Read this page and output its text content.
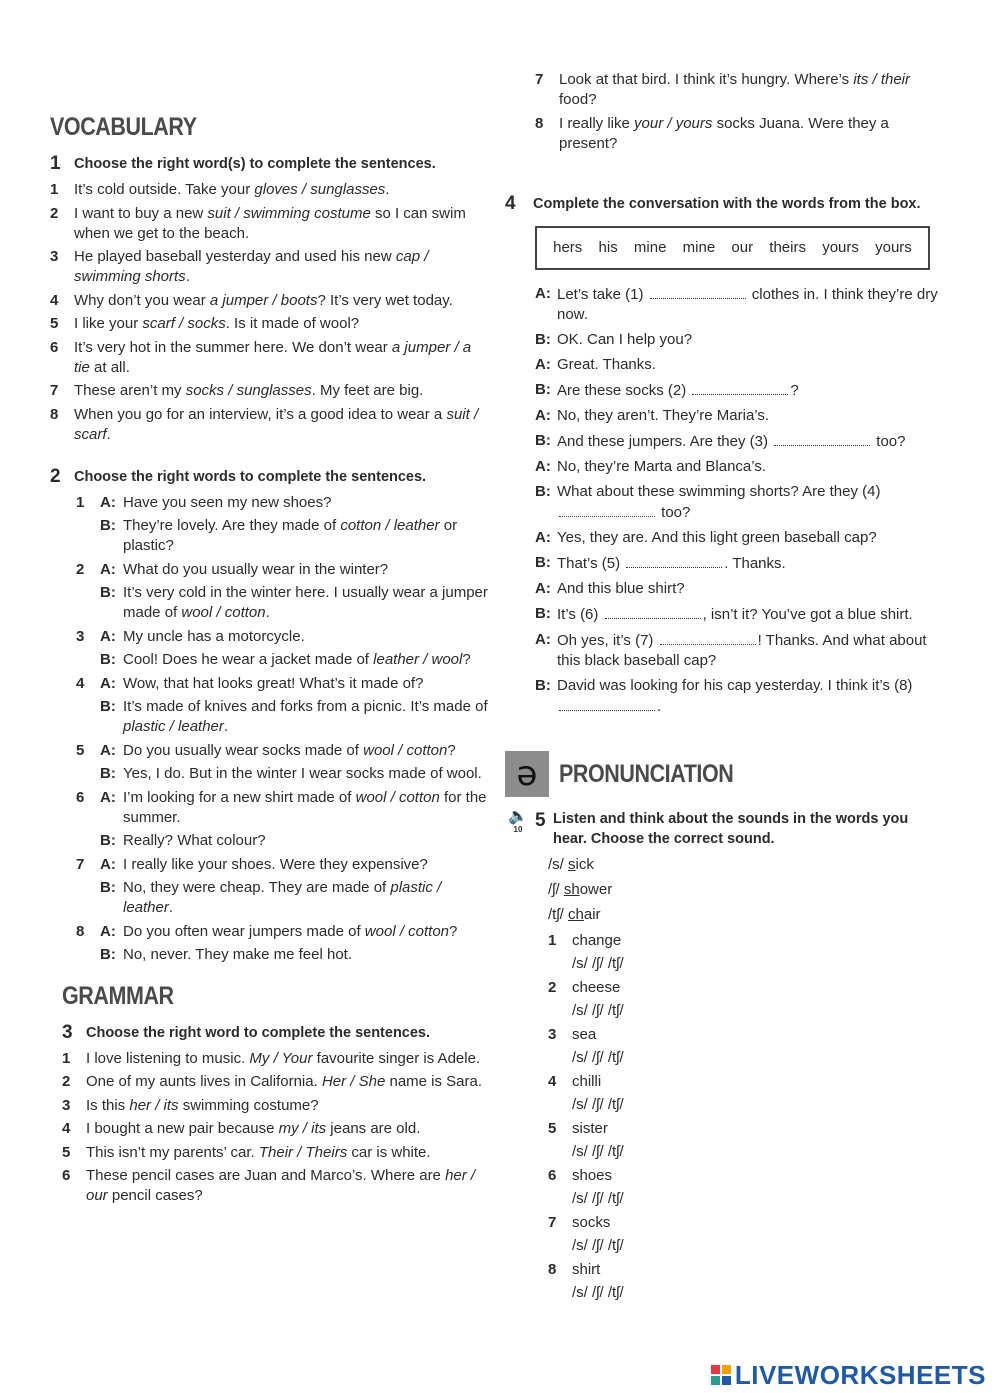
VOCABULARY
1 Choose the right word(s) to complete the sentences.
1	It’s cold outside. Take your gloves / sunglasses.
2	I want to buy a new suit / swimming costume so I can swim when we get to the beach.
3	He played baseball yesterday and used his new cap / swimming shorts.
4	Why don’t you wear a jumper / boots? It’s very wet today.
5	I like your scarf / socks. Is it made of wool?
6	It’s very hot in the summer here. We don’t wear a jumper / a tie at all.
7	These aren’t my socks / sunglasses. My feet are big.
8	When you go for an interview, it’s a good idea to wear a suit / scarf.
2 Choose the right words to complete the sentences.
1	A: Have you seen my new shoes?
B: They’re lovely. Are they made of cotton / leather or plastic?
2	A: What do you usually wear in the winter?
B: It’s very cold in the winter here. I usually wear a jumper made of wool / cotton.
3	A: My uncle has a motorcycle.
B: Cool! Does he wear a jacket made of leather / wool?
4	A: Wow, that hat looks great! What’s it made of?
B: It’s made of knives and forks from a picnic. It’s made of plastic / leather.
5	A: Do you usually wear socks made of wool / cotton?
B: Yes, I do. But in the winter I wear socks made of wool.
6	A: I’m looking for a new shirt made of wool / cotton for the summer.
B: Really? What colour?
7	A: I really like your shoes. Were they expensive?
B: No, they were cheap. They are made of plastic / leather.
8	A: Do you often wear jumpers made of wool / cotton?
B: No, never. They make me feel hot.
GRAMMAR
3 Choose the right word to complete the sentences.
1	I love listening to music. My / Your favourite singer is Adele.
2	One of my aunts lives in California. Her / She name is Sara.
3	Is this her / its swimming costume?
4	I bought a new pair because my / its jeans are old.
5	This isn’t my parents’ car. Their / Theirs car is white.
6	These pencil cases are Juan and Marco’s. Where are her / our pencil cases?
7	Look at that bird. I think it’s hungry. Where’s its / their food?
8	I really like your / yours socks Juana. Were they a present?
4	Complete the conversation with the words from the box.
hers his mine mine our theirs yours yours
A: Let’s take (1)	clothes in. I think they’re dry now.
B: OK. Can I help you?
A: Great. Thanks.
B: Are these socks (2)	?
A: No, they aren’t. They’re Maria’s.
B: And these jumpers. Are they (3)	too?
A: No, they’re Marta and Blanca’s.
B: What about these swimming shorts? Are they (4)  too?
A: Yes, they are. And this light green baseball cap?
B: That’s (5)	. Thanks.
A: And this blue shirt?
B: It’s (6)	, isn’t it? You’ve got a blue shirt.
A: Oh yes, it’s (7)	! Thanks. And what about this black baseball cap?
B: David was looking for his cap yesterday. I think it’s (8) .
ə PRONUNCIATION
🔈
10 5 Listen and think about the sounds in the words you hear. Choose the correct sound.
/s/ sick
/ʃ/ shower
/tʃ/ chair
1	change
/s/ /ʃ/ /tʃ/
2	cheese
/s/ /ʃ/ /tʃ/
3	sea
/s/ /ʃ/ /tʃ/
4	chilli
/s/ /ʃ/ /tʃ/
5	sister
/s/ /ʃ/ /tʃ/
6	shoes
/s/ /ʃ/ /tʃ/
7	socks
/s/ /ʃ/ /tʃ/
8	shirt
/s/ /ʃ/ /tʃ/
LIVEWORKSHEETS
